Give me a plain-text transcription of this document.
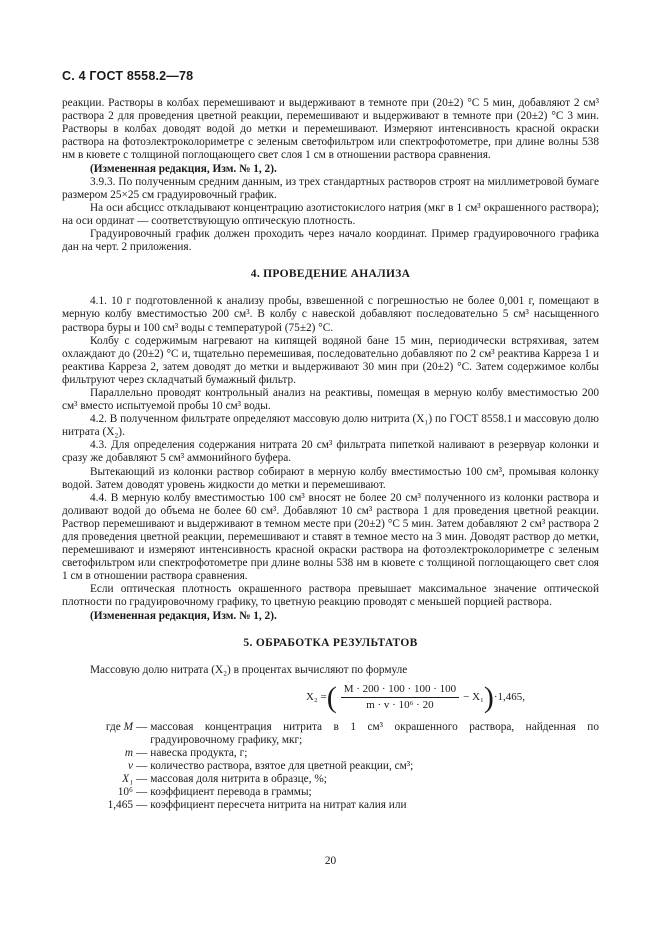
С. 4 ГОСТ 8558.2—78

реакции. Растворы в колбах перемешивают и выдерживают в темноте при (20±2) °С 5 мин, добавляют 2 см³ раствора 2 для проведения цветной реакции, перемешивают и выдерживают в темноте при (20±2) °С 3 мин. Растворы в колбах доводят водой до метки и перемешивают. Измеряют интенсивность красной окраски раствора на фотоэлектроколориметре с зеленым светофильтром или спектрофотометре, при длине волны 538 нм в кювете с толщиной поглощающего свет слоя 1 см в отношении раствора сравнения.

(Измененная редакция, Изм. № 1, 2).

3.9.3. По полученным средним данным, из трех стандартных растворов строят на миллиметровой бумаге размером 25×25 см градуировочный график.

На оси абсцисс откладывают концентрацию азотистокислого натрия (мкг в 1 см³ окрашенного раствора); на оси ординат — соответствующую оптическую плотность.

Градуировочный график должен проходить через начало координат. Пример градуировочного графика дан на черт. 2 приложения.

4. ПРОВЕДЕНИЕ АНАЛИЗА

4.1. 10 г подготовленной к анализу пробы, взвешенной с погрешностью не более 0,001 г, помещают в мерную колбу вместимостью 200 см³. В колбу с навеской добавляют последовательно 5 см³ насыщенного раствора буры и 100 см³ воды с температурой (75±2) °С.

Колбу с содержимым нагревают на кипящей водяной бане 15 мин, периодически встряхивая, затем охлаждают до (20±2) °С и, тщательно перемешивая, последовательно добавляют по 2 см³ реактива Карреза 1 и реактива Карреза 2, затем доводят до метки и выдерживают 30 мин при (20±2) °С. Затем содержимое колбы фильтруют через складчатый бумажный фильтр.

Параллельно проводят контрольный анализ на реактивы, помещая в мерную колбу вместимостью 200 см³ вместо испытуемой пробы 10 см³ воды.

4.2. В полученном фильтрате определяют массовую долю нитрита (X₁) по ГОСТ 8558.1 и массовую долю нитрата (X₂).

4.3. Для определения содержания нитрата 20 см³ фильтрата пипеткой наливают в резервуар колонки и сразу же добавляют 5 см³ аммонийного буфера.

Вытекающий из колонки раствор собирают в мерную колбу вместимостью 100 см³, промывая колонку водой. Затем доводят уровень жидкости до метки и перемешивают.

4.4. В мерную колбу вместимостью 100 см³ вносят не более 20 см³ полученного из колонки раствора и доливают водой до объема не более 60 см³. Добавляют 10 см³ раствора 1 для проведения цветной реакции. Раствор перемешивают и выдерживают в темном месте при (20±2) °С 5 мин. Затем добавляют 2 см³ раствора 2 для проведения цветной реакции, перемешивают и ставят в темное место на 3 мин. Доводят раствор до метки, перемешивают и измеряют интенсивность красной окраски раствора на фотоэлектроколориметре с зеленым светофильтром или спектрофотометре при длине волны 538 нм в кювете с толщиной поглощающего свет слоя 1 см в отношении раствора сравнения.

Если оптическая плотность окрашенного раствора превышает максимальное значение оптической плотности по градуировочному графику, то цветную реакцию проводят с меньшей порцией раствора.

(Измененная редакция, Изм. № 1, 2).

5. ОБРАБОТКА РЕЗУЛЬТАТОВ

Массовую долю нитрата (X₂) в процентах вычисляют по формуле

X₂ = ( $\frac{M \cdot 200 \cdot 100 \cdot 100 \cdot 100}{\text{m · v · 10⁶ · 20}} - X_1$ ) ·1,465,
где M — массовая концентрация нитрита в 1 см³ окрашенного раствора, найденная по градуировочному графику, мкг;
m — навеска продукта, г;
v — количество раствора, взятое для цветной реакции, см³;
X₁ — массовая доля нитрита в образце, %;
10⁶ — коэффициент перевода в граммы;
1,465 — коэффициент пересчета нитрита на нитрат калия или
20
